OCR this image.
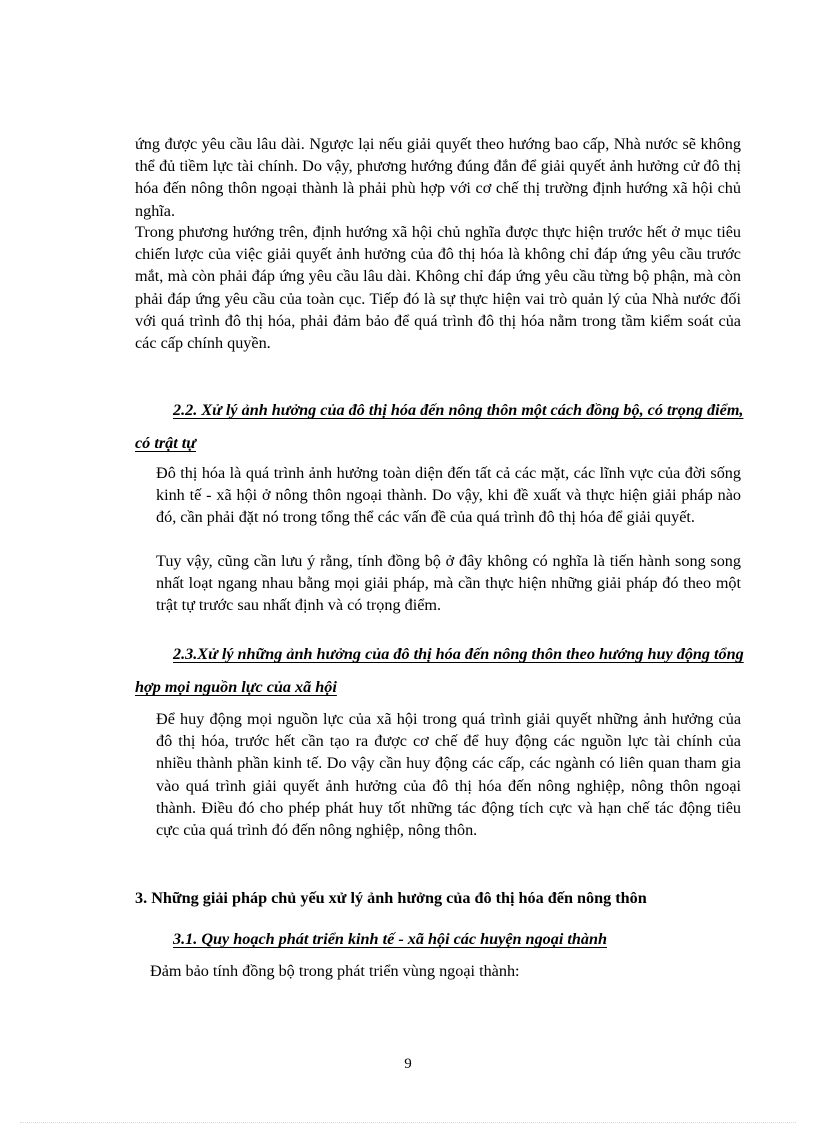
ứng được yêu cầu lâu dài. Ngược lại nếu giải quyết theo hướng bao cấp, Nhà nước sẽ không thể đủ tiềm lực tài chính. Do vậy, phương hướng đúng đắn để giải quyết ảnh hưởng cử đô thị hóa đến nông thôn ngoại thành là phải phù hợp với cơ chế thị trường định hướng xã hội chủ nghĩa.

Trong phương hướng trên, định hướng xã hội chủ nghĩa được thực hiện trước hết ở mục tiêu chiến lược của việc giải quyết ảnh hưởng của đô thị hóa là không chỉ đáp ứng yêu cầu trước mắt, mà còn phải đáp ứng yêu cầu lâu dài. Không chỉ đáp ứng yêu cầu từng bộ phận, mà còn phải đáp ứng yêu cầu của toàn cục. Tiếp đó là sự thực hiện vai trò quản lý của Nhà nước đối với quá trình đô thị hóa, phải đảm bảo để quá trình đô thị hóa nằm trong tầm kiểm soát của các cấp chính quyền.

2.2. Xử lý ảnh hưởng của đô thị hóa đến nông thôn một cách đồng bộ, có trọng điểm, có trật tự

Đô thị hóa là quá trình ảnh hưởng toàn diện đến tất cả các mặt, các lĩnh vực của đời sống kinh tế - xã hội ở nông thôn ngoại thành. Do vậy, khi đề xuất và thực hiện giải pháp nào đó, cần phải đặt nó trong tổng thể các vấn đề của quá trình đô thị hóa để giải quyết.

Tuy vậy, cũng cần lưu ý rằng, tính đồng bộ ở đây không có nghĩa là tiến hành song song nhất loạt ngang nhau bằng mọi giải pháp, mà cần thực hiện những giải pháp đó theo một trật tự trước sau nhất định và có trọng điểm.

2.3.Xử lý những ảnh hưởng của đô thị hóa đến nông thôn theo hướng huy động tổng hợp mọi nguồn lực của xã hội

Để huy động mọi nguồn lực của xã hội trong quá trình giải quyết những ảnh hưởng của đô thị hóa, trước hết cần tạo ra được cơ chế để huy động các nguồn lực tài chính của nhiều thành phần kinh tế. Do vậy cần huy động các cấp, các ngành có liên quan tham gia vào quá trình giải quyết ảnh hưởng của đô thị hóa đến nông nghiệp, nông thôn ngoại thành. Điều đó cho phép phát huy tốt những tác động tích cực và hạn chế tác động tiêu cực của quá trình đó đến nông nghiệp, nông thôn.

3. Những giải pháp chủ yếu xử lý ảnh hưởng của đô thị hóa đến nông thôn

3.1. Quy hoạch phát triển kinh tế - xã hội các huyện ngoại thành

Đảm bảo tính đồng bộ trong phát triển vùng ngoại thành:

9
